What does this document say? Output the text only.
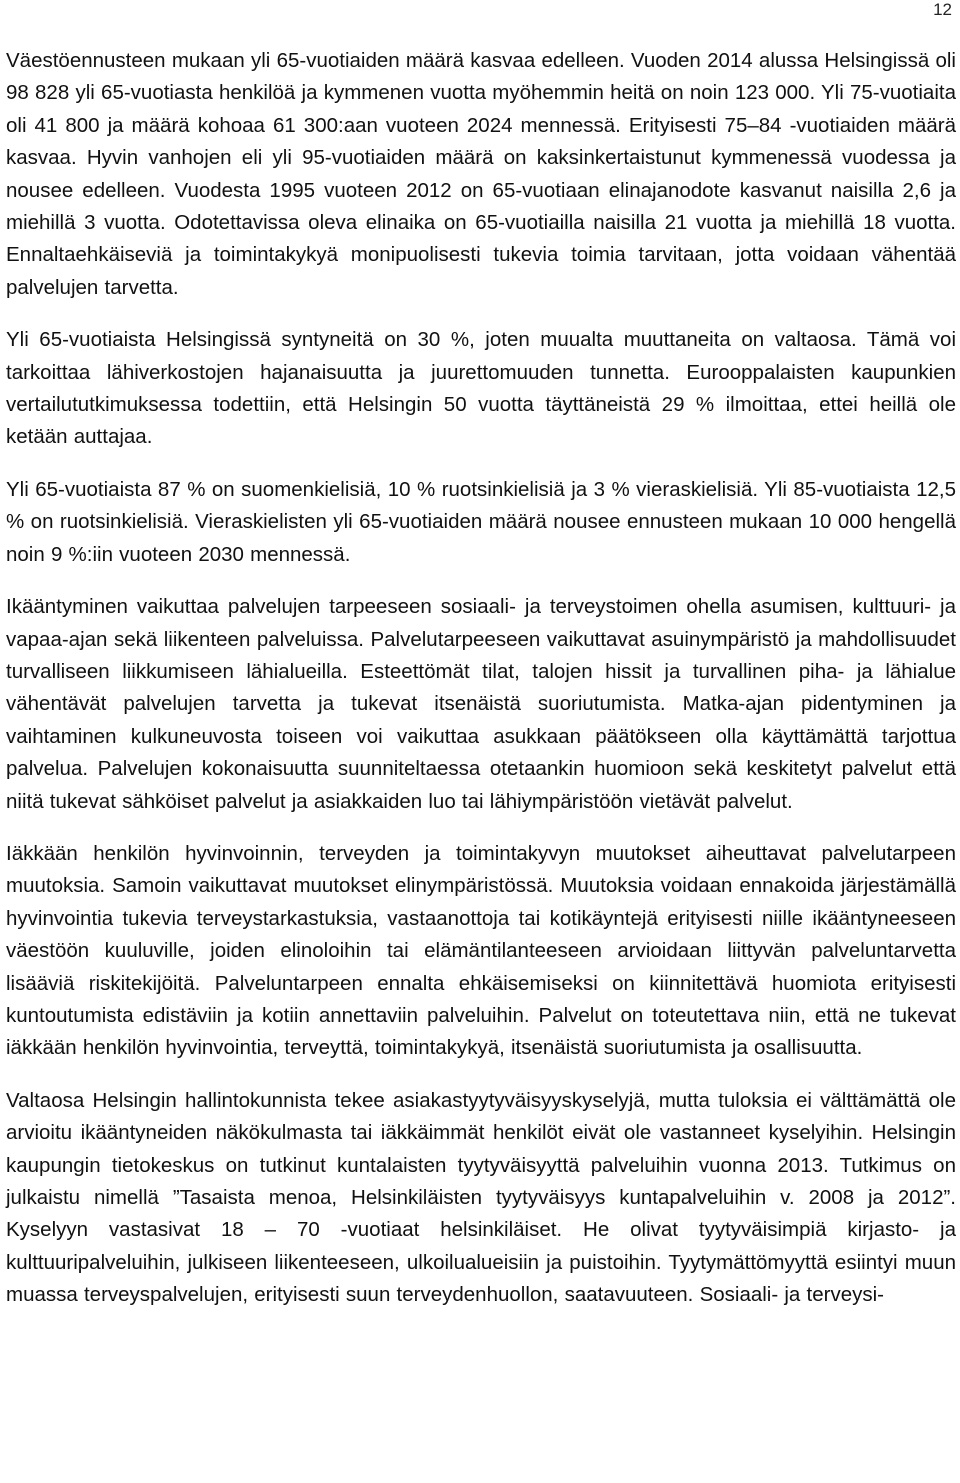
12

Väestöennusteen mukaan yli 65-vuotiaiden määrä kasvaa edelleen. Vuoden 2014 alussa Helsingissä oli 98 828 yli 65-vuotiasta henkilöä ja kymmenen vuotta myöhemmin heitä on noin 123 000. Yli 75-vuotiaita oli 41 800 ja määrä kohoaa 61 300:aan vuoteen 2024 mennessä. Erityisesti 75–84 -vuotiaiden määrä kasvaa. Hyvin vanhojen eli yli 95-vuotiaiden määrä on kaksinkertaistunut kymmenessä vuodessa ja nousee edelleen. Vuodesta 1995 vuoteen 2012 on 65-vuotiaan elinajanodote kasvanut naisilla 2,6 ja miehillä 3 vuotta. Odotettavissa oleva elinaika on 65-vuotiailla naisilla 21 vuotta ja miehillä 18 vuotta. Ennaltaehkäiseviä ja toimintakykyä monipuolisesti tukevia toimia tarvitaan, jotta voidaan vähentää palvelujen tarvetta.

Yli 65-vuotiaista Helsingissä syntyneitä on 30 %, joten muualta muuttaneita on valtaosa. Tämä voi tarkoittaa lähiverkostojen hajanaisuutta ja juurettomuuden tunnetta. Eurooppalaisten kaupunkien vertailututkimuksessa todettiin, että Helsingin 50 vuotta täyttäneistä 29 % ilmoittaa, ettei heillä ole ketään auttajaa.

Yli 65-vuotiaista 87 % on suomenkielisiä, 10 % ruotsinkielisiä ja 3 % vieraskielisiä. Yli 85-vuotiaista 12,5 % on ruotsinkielisiä. Vieraskielisten yli 65-vuotiaiden määrä nousee ennusteen mukaan 10 000 hengellä noin 9 %:iin vuoteen 2030 mennessä.

Ikääntyminen vaikuttaa palvelujen tarpeeseen sosiaali- ja terveystoimen ohella asumisen, kulttuuri- ja vapaa-ajan sekä liikenteen palveluissa. Palvelutarpeeseen vaikuttavat asuinympäristö ja mahdollisuudet turvalliseen liikkumiseen lähialueilla. Esteettömät tilat, talojen hissit ja turvallinen piha- ja lähialue vähentävät palvelujen tarvetta ja tukevat itsenäistä suoriutumista. Matka-ajan pidentyminen ja vaihtaminen kulkuneuvosta toiseen voi vaikuttaa asukkaan päätökseen olla käyttämättä tarjottua palvelua. Palvelujen kokonaisuutta suunniteltaessa otetaankin huomioon sekä keskitetyt palvelut että niitä tukevat sähköiset palvelut ja asiakkaiden luo tai lähiympäristöön vietävät palvelut.

Iäkkään henkilön hyvinvoinnin, terveyden ja toimintakyvyn muutokset aiheuttavat palvelutarpeen muutoksia. Samoin vaikuttavat muutokset elinympäristössä. Muutoksia voidaan ennakoida järjestämällä hyvinvointia tukevia terveystarkastuksia, vastaanottoja tai kotikäyntejä erityisesti niille ikääntyneeseen väestöön kuuluville, joiden elinoloihin tai elämäntilanteeseen arvioidaan liittyvän palveluntarvetta lisääviä riskitekijöitä. Palveluntarpeen ennalta ehkäisemiseksi on kiinnitettävä huomiota erityisesti kuntoutumista edistäviin ja kotiin annettaviin palveluihin. Palvelut on toteutettava niin, että ne tukevat iäkkään henkilön hyvinvointia, terveyttä, toimintakykyä, itsenäistä suoriutumista ja osallisuutta.

Valtaosa Helsingin hallintokunnista tekee asiakastyytyväisyyskyselyjä, mutta tuloksia ei välttämättä ole arvioitu ikääntyneiden näkökulmasta tai iäkkäimmät henkilöt eivät ole vastanneet kyselyihin. Helsingin kaupungin tietokeskus on tutkinut kuntalaisten tyytyväisyyttä palveluihin vuonna 2013. Tutkimus on julkaistu nimellä ”Tasaista menoa, Helsinkiläisten tyytyväisyys kuntapalveluihin v. 2008 ja 2012”. Kyselyyn vastasivat 18 – 70 -vuotiaat helsinkiläiset. He olivat tyytyväisimpiä kirjasto- ja kulttuuripalveluihin, julkiseen liikenteeseen, ulkoilualueisiin ja puistoihin. Tyytymättömyyttä esiintyi muun muassa terveyspalvelujen, erityisesti suun terveydenhuollon, saatavuuteen. Sosiaali- ja terveysi-
